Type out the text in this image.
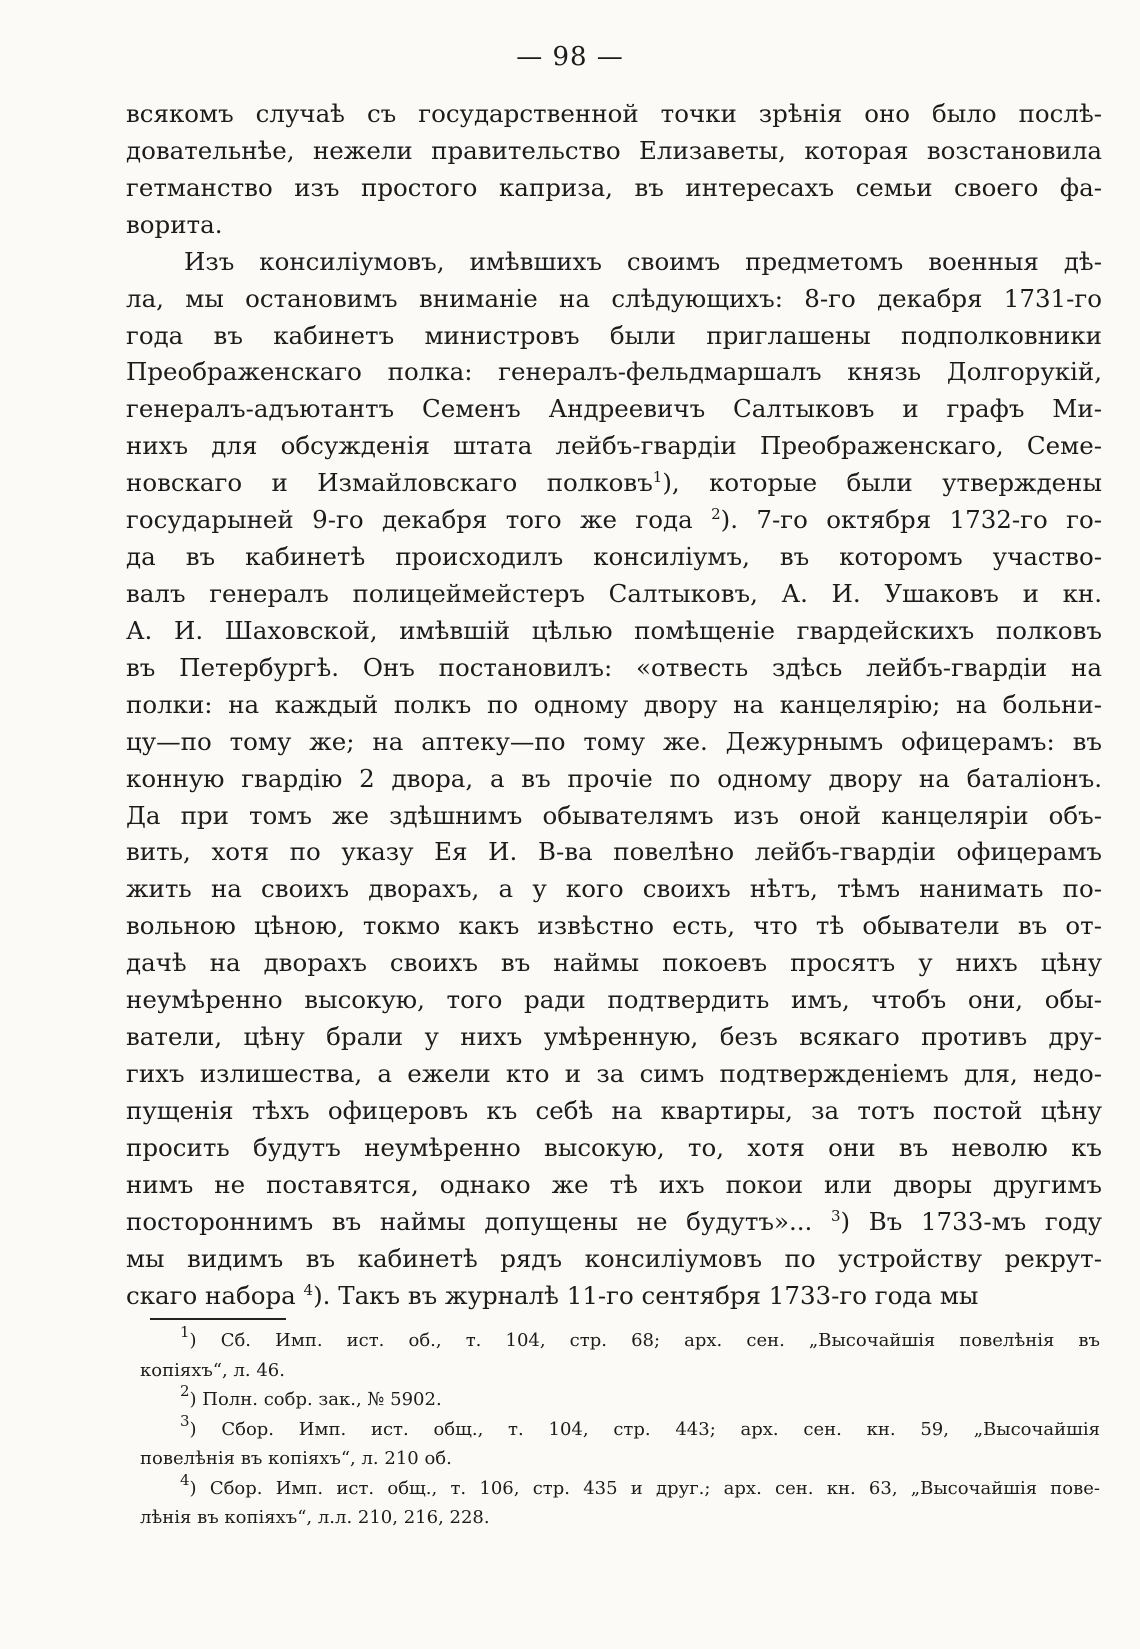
— 98 —
всякомъ случаѣ съ государственной точки зрѣнія оно было послѣ-
довательнѣе, нежели правительство Елизаветы, которая возстановила
гетманство изъ простого каприза, въ интересахъ семьи своего фа-
ворита.
Изъ консиліумовъ, имѣвшихъ своимъ предметомъ военныя дѣ-
ла, мы остановимъ вниманіе на слѣдующихъ: 8-го декабря 1731-го
года въ кабинетъ министровъ были приглашены подполковники
Преображенскаго полка: генералъ-фельдмаршалъ князь Долгорукій,
генералъ-адъютантъ Семенъ Андреевичъ Салтыковъ и графъ Ми-
нихъ для обсужденія штата лейбъ-гвардіи Преображенскаго, Семе-
новскаго и Измайловскаго полковъ$^1$), которые были утверждены
государыней 9-го декабря того же года $^2$). 7-го октября 1732-го го-
да въ кабинетѣ происходилъ консиліумъ, въ которомъ участво-
валъ генералъ полицеймейстеръ Салтыковъ, А. И. Ушаковъ и кн.
А. И. Шаховской, имѣвшій цѣлью помѣщеніе гвардейскихъ полковъ
въ Петербургѣ. Онъ постановилъ: «отвесть здѣсь лейбъ-гвардіи на
полки: на каждый полкъ по одному двору на канцелярію; на больни-
цу—по тому же; на аптеку—по тому же. Дежурнымъ офицерамъ: въ
конную гвардію 2 двора, а въ прочіе по одному двору на баталіонъ.
Да при томъ же здѣшнимъ обывателямъ изъ оной канцеляріи объ-
вить, хотя по указу Ея И. В-ва повелѣно лейбъ-гвардіи офицерамъ
жить на своихъ дворахъ, а у кого своихъ нѣтъ, тѣмъ нанимать по-
вольною цѣною, токмо какъ извѣстно есть, что тѣ обыватели въ от-
дачѣ на дворахъ своихъ въ наймы покоевъ просятъ у нихъ цѣну
неумѣренно высокую, того ради подтвердить имъ, чтобъ они, обы-
ватели, цѣну брали у нихъ умѣренную, безъ всякаго противъ дру-
гихъ излишества, а ежели кто и за симъ подтвержденіемъ для, недо-
пущенія тѣхъ офицеровъ къ себѣ на квартиры, за тотъ постой цѣну
просить будутъ неумѣренно высокую, то, хотя они въ неволю къ
нимъ не поставятся, однако же тѣ ихъ покои или дворы другимъ
постороннимъ въ наймы допущены не будутъ»... $^3$) Въ 1733-мъ году
мы видимъ въ кабинетѣ рядъ консиліумовъ по устройству рекрут-
скаго набора $^4$). Такъ въ журналѣ 11-го сентября 1733-го года мы
$^1$) Сб. Имп. ист. об., т. 104, стр. 68; арх. сен. „Высочайшія повелѣнія въ
копіяхъ“, л. 46.
$^2$) Полн. собр. зак., № 5902.
$^3$) Сбор. Имп. ист. общ., т. 104, стр. 443; арх. сен. кн. 59, „Высочайшія
повелѣнія въ копіяхъ“, л. 210 об.
$^4$) Сбор. Имп. ист. общ., т. 106, стр. 435 и друг.; арх. сен. кн. 63, „Высочайшія пове-
лѣнія въ копіяхъ“, л.л. 210, 216, 228.
